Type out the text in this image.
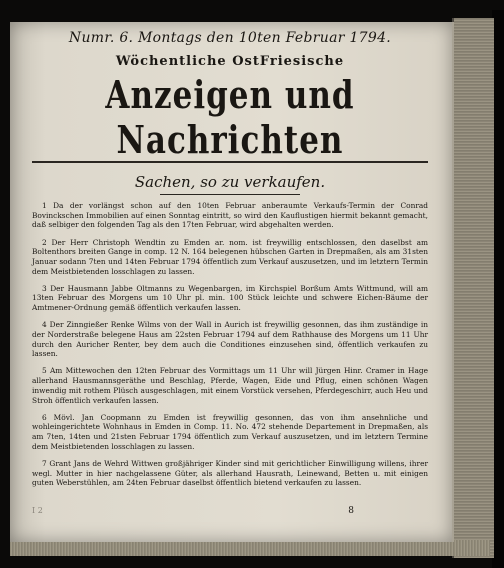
Numr. 6. Montags den 10ten Februar 1794.
Wöchentliche OstFriesische
Anzeigen und Nachrichten
Sachen, so zu verkaufen.

1 Da der vorlängst schon auf den 10ten Februar anberaumte Verkaufs-Termin der Conrad Bovinckschen Immobilien auf einen Sonntag eintritt, so wird den Kauflustigen hiermit bekannt gemacht, daß selbiger den folgenden Tag als den 17ten Februar, wird abgehalten werden.

2 Der Herr Christoph Wendtin zu Emden ar. nom. ist freywillig entschlossen, den daselbst am Boltenthors breiten Gange in comp. 12 N. 164 belegenen hübschen Garten in Drepmaßen, als am 31sten Januar sodann 7ten und 14ten Februar 1794 öffentlich zum Verkauf auszusetzen, und im letztern Termin dem Meistbietenden losschlagen zu lassen.

3 Der Hausmann Jabbe Oltmanns zu Wegenbargen, im Kirchspiel Borßum Amts Wittmund, will am 13ten Februar des Morgens um 10 Uhr pl. min. 100 Stück leichte und schwere Eichen-Bäume der Amtmener-Ordnung gemäß öffentlich verkaufen lassen.

4 Der Zinngießer Renke Wilms von der Wall in Aurich ist freywillig gesonnen, das ihm zuständige in der Norderstraße belegene Haus am 22sten Februar 1794 auf dem Rathhause des Morgens um 11 Uhr durch den Auricher Renter, bey dem auch die Conditiones einzusehen sind, öffentlich verkaufen zu lassen.

5 Am Mittewochen den 12ten Februar des Vormittags um 11 Uhr will Jürgen Hinr. Cramer in Hage allerhand Hausmannsgeräthe und Beschlag, Pferde, Wagen, Eide und Pflug, einen schönen Wagen inwendig mit rothem Plüsch ausgeschlagen, mit einem Vorstück versehen, Pferdegeschirr, auch Heu und Stroh öffentlich verkaufen lassen.

6 Mövl. Jan Coopmann zu Emden ist freywillig gesonnen, das von ihm ansehnliche und wohleingerichtete Wohnhaus in Emden in Comp. 11. No. 472 stehende Departement in Drepmaßen, als am 7ten, 14ten und 21sten Februar 1794 öffentlich zum Verkauf auszusetzen, und im letztern Termine dem Meistbietenden losschlagen zu lassen.

7 Grant Jans de Wehrd Wittwen großjähriger Kinder sind mit gerichtlicher Einwilligung willens, ihrer wegl. Mutter in hier nachgelassene Güter, als allerhand Hausrath, Leinewand, Betten u. mit einigen guten Weberstühlen, am 24ten Februar daselbst öffentlich bietend verkaufen zu lassen.

I 2	8
